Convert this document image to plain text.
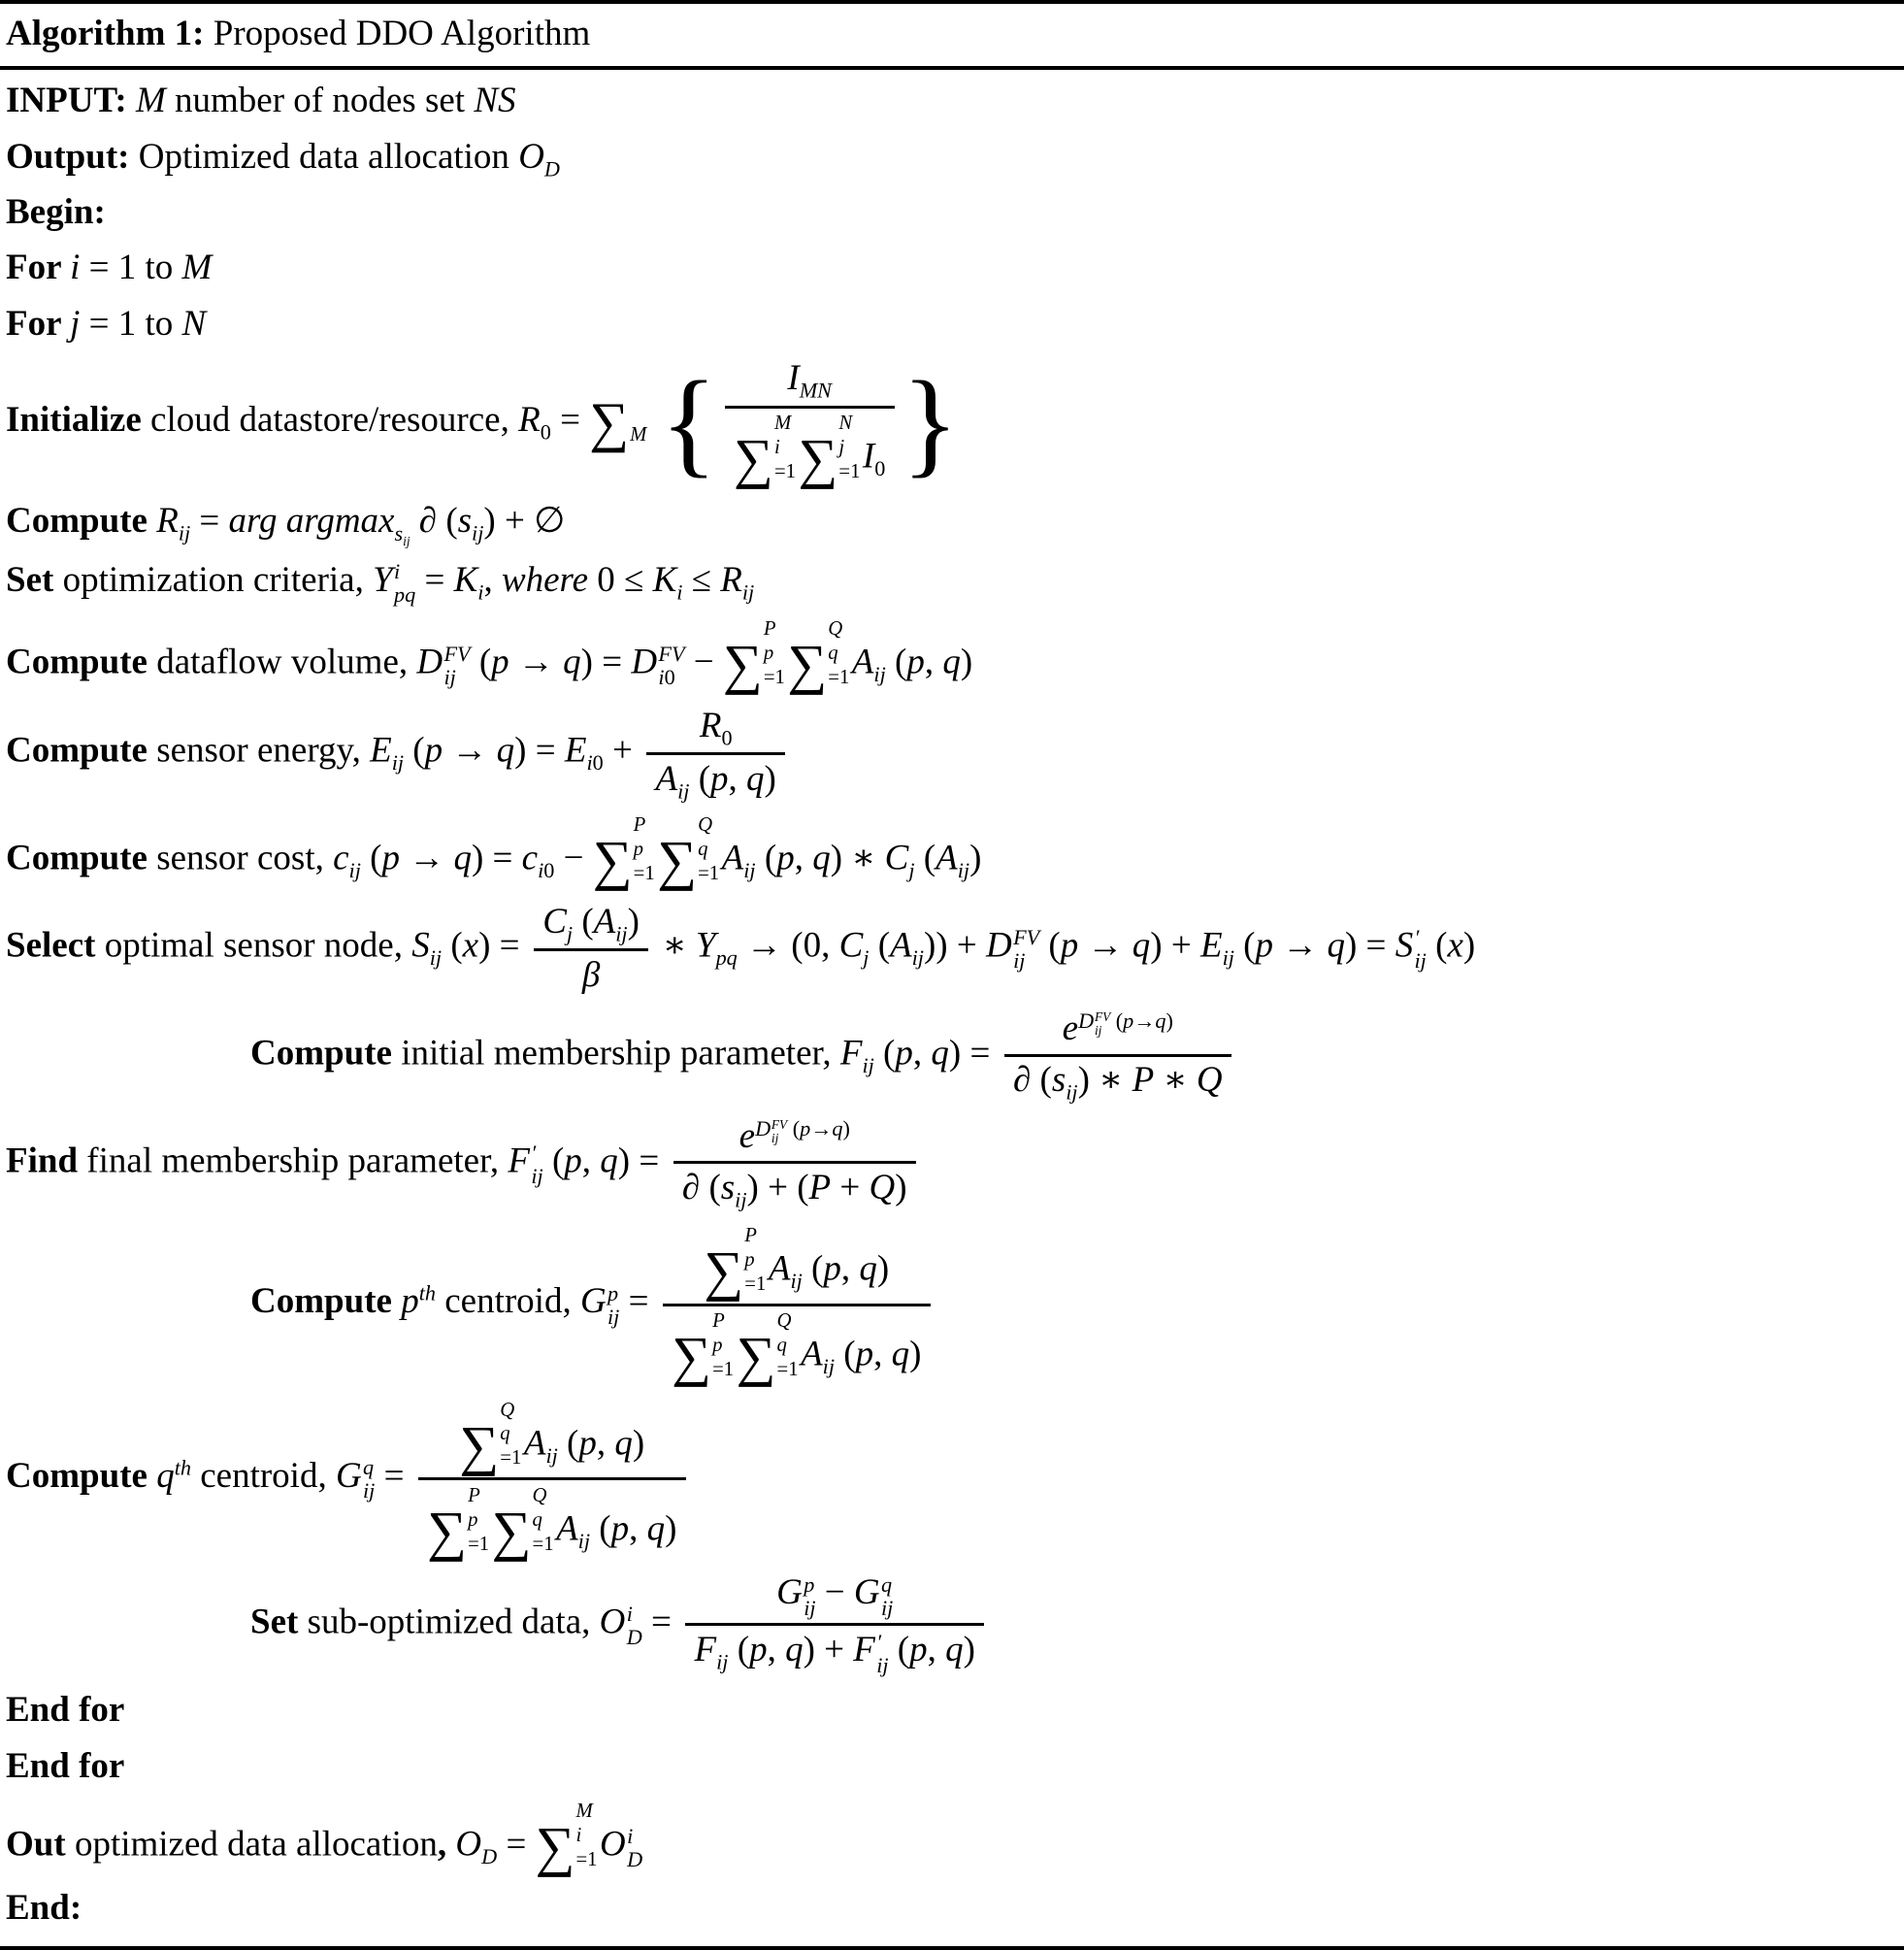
Algorithm 1: Proposed DDO Algorithm
INPUT: M number of nodes set NS
Output: Optimized data allocation $O_D$
Begin:
For i = 1 to M
For j = 1 to N
Initialize cloud datastore/resource, $R_0$ = ∑
M { $I_{MN}$
∑
M
i
=1 ∑
N
j
=1 $I_0$ }
Compute $R_{ij}$ = arg argmax$_{s_{ij}}$ ∂ $(s_{ij})$ + ∅
Set optimization criteria, Y i
pq = $K_i$, where $0 \le K_i \le R_{ij}$
Compute dataflow volume, D FV
ij (p → q) = D FV
i0 − ∑
P
p
=1 ∑
Q
q
=1 $A_{ij}$ (p, q)
Compute sensor energy, $E_{ij}$ $(p \to q) = E_{i0} + \frac{R_0}{A_{ij} (p, q)}$
Compute sensor cost, $c_{ij}$ $(p \to q) = c_{i0}$ − ∑
P
p
=1 ∑
Q
q
=1 $A_{ij}$ (p, q) ∗ $C_j$ $(A_{ij})$
Select optimal sensor node, $S_{ij}$ $(x) = \frac{C_j (A_{ij})}{\beta}$ ∗ $Y_{pq} \to (0$, $C_j$ $(A_{ij})) + D$ FV
ij $(p \to q) + E_{ij}$ (p → q) = S ′
ij (x)
Compute initial membership parameter, $F_{ij}$ (p, $q) = e^{D FV ij (p\to q)}$
∂ $(s_{ij})$ ∗ P ∗ Q
Find final membership parameter, F ′
ij (p, $q) = e^{D FV ij (p\to q)}$
∂ $(s_{ij}) + (P + Q)$
Compute $p^{th}$ centroid, G p
ij = ∑
P
p
=1 $A_{ij}$ (p, q)
∑
P
p
=1 ∑
Q
q
=1 $A_{ij}$ (p, q)
Compute $q^{th}$ centroid, G q
ij = ∑
Q
q
=1 $A_{ij}$ (p, q)
∑
P
p
=1 ∑
Q
q
=1 $A_{ij}$ (p, q)
Set sub-optimized data, O i
D = G p
ij − G q
ij
$F_{ij}$ (p, q) + F ′
ij (p, q)
End for
End for
Out optimized data allocation, $O_D$ = ∑
M
i
=1 O i
D
End:
